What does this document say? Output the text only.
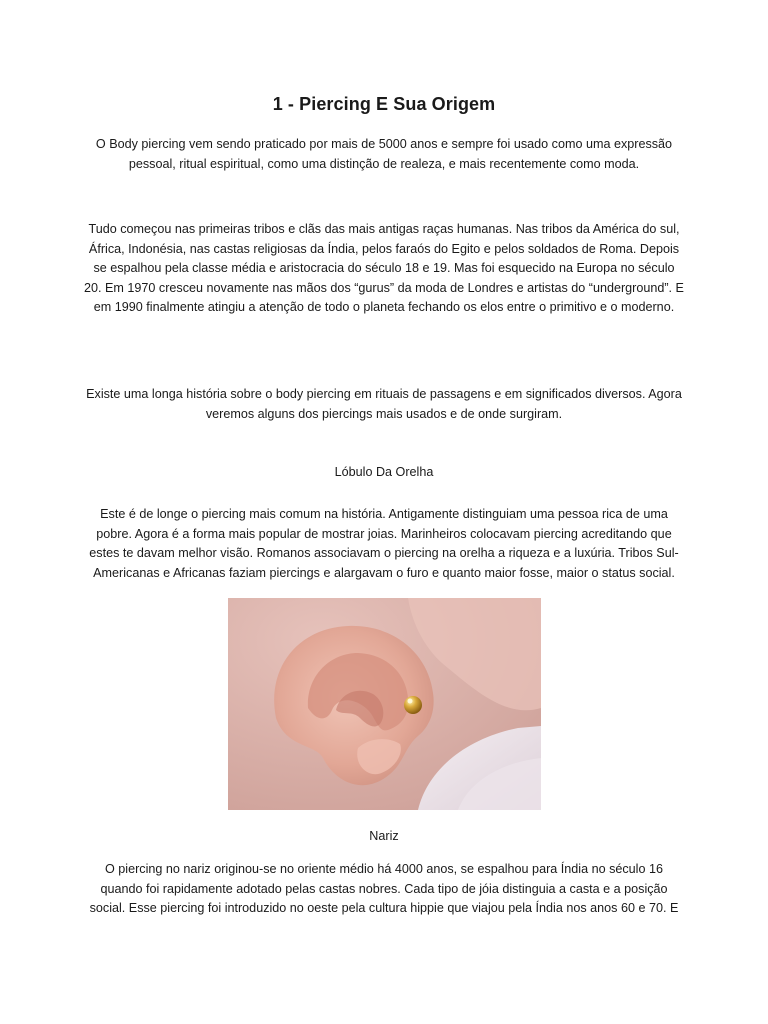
1 - Piercing E Sua Origem

O Body piercing vem sendo praticado por mais de 5000 anos e sempre foi usado como uma expressão pessoal, ritual espiritual, como uma distinção de realeza, e mais recentemente como moda.

Tudo começou nas primeiras tribos e clãs das mais antigas raças humanas. Nas tribos da América do sul, África, Indonésia, nas castas religiosas da Índia, pelos faraós do Egito e pelos soldados de Roma. Depois se espalhou pela classe média e aristocracia do século 18 e 19. Mas foi esquecido na Europa no século 20. Em 1970 cresceu novamente nas mãos dos “gurus” da moda de Londres e artistas do “underground”. E em 1990 finalmente atingiu a atenção de todo o planeta fechando os elos entre o primitivo e o moderno.

Existe uma longa história sobre o body piercing em rituais de passagens e em significados diversos. Agora veremos alguns dos piercings mais usados e de onde surgiram.

Lóbulo Da Orelha

Este é de longe o piercing mais comum na história. Antigamente distinguiam uma pessoa rica de uma pobre. Agora é a forma mais popular de mostrar joias. Marinheiros colocavam piercing acreditando que estes te davam melhor visão. Romanos associavam o piercing na orelha a riqueza e a luxúria. Tribos Sul-Americanas e Africanas faziam piercings e alargavam o furo e quanto maior fosse, maior o status social.

Nariz

O piercing no nariz originou-se no oriente médio há 4000 anos, se espalhou para Índia no século 16 quando foi rapidamente adotado pelas castas nobres. Cada tipo de jóia distinguia a casta e a posição social. Esse piercing foi introduzido no oeste pela cultura hippie que viajou pela Índia nos anos 60 e 70. E
